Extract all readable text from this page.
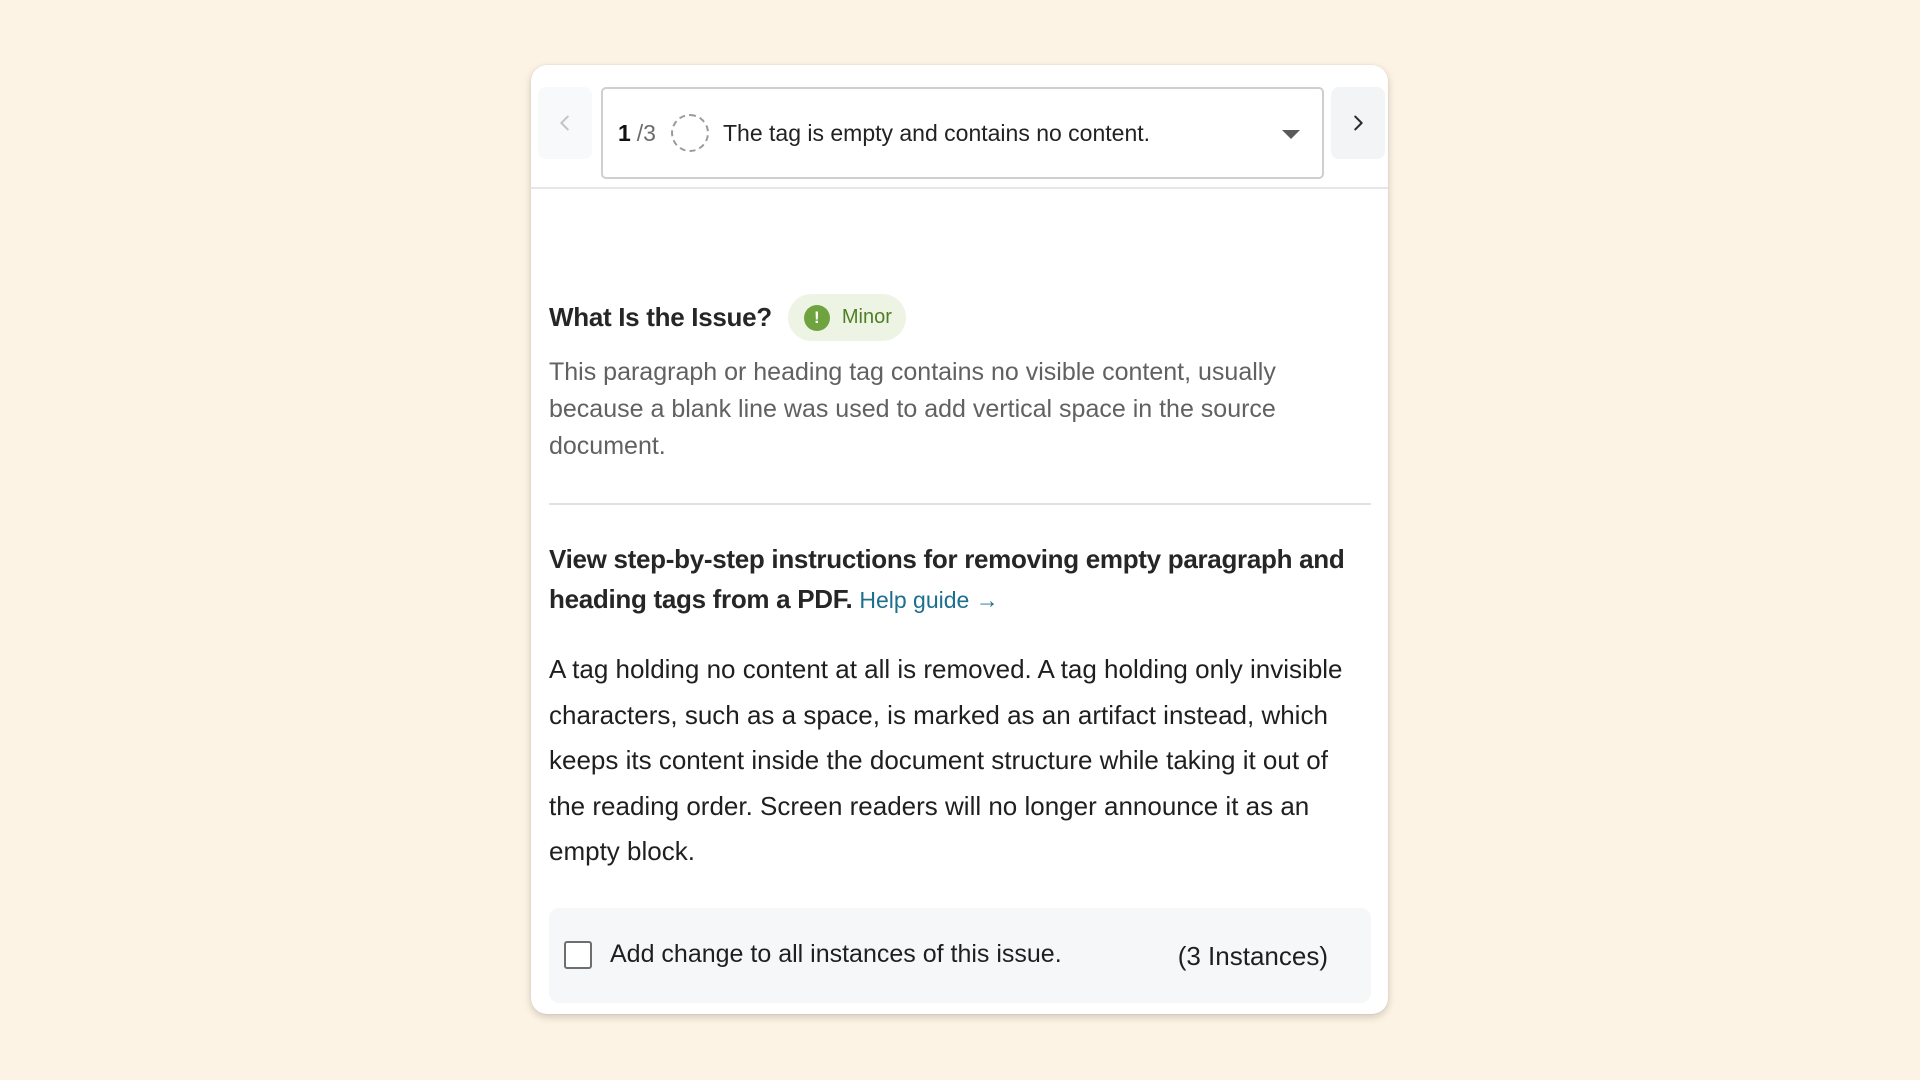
1 /3	The tag is empty and contains no content.
What Is the Issue?	!	Minor

This paragraph or heading tag contains no visible content, usually because a blank line was used to add vertical space in the source document.

View step-by-step instructions for removing empty paragraph and heading tags from a PDF. Help guide →

A tag holding no content at all is removed. A tag holding only invisible characters, such as a space, is marked as an artifact instead, which keeps its content inside the document structure while taking it out of the reading order. Screen readers will no longer announce it as an empty block.

Add change to all instances of this issue.	(3 Instances)
